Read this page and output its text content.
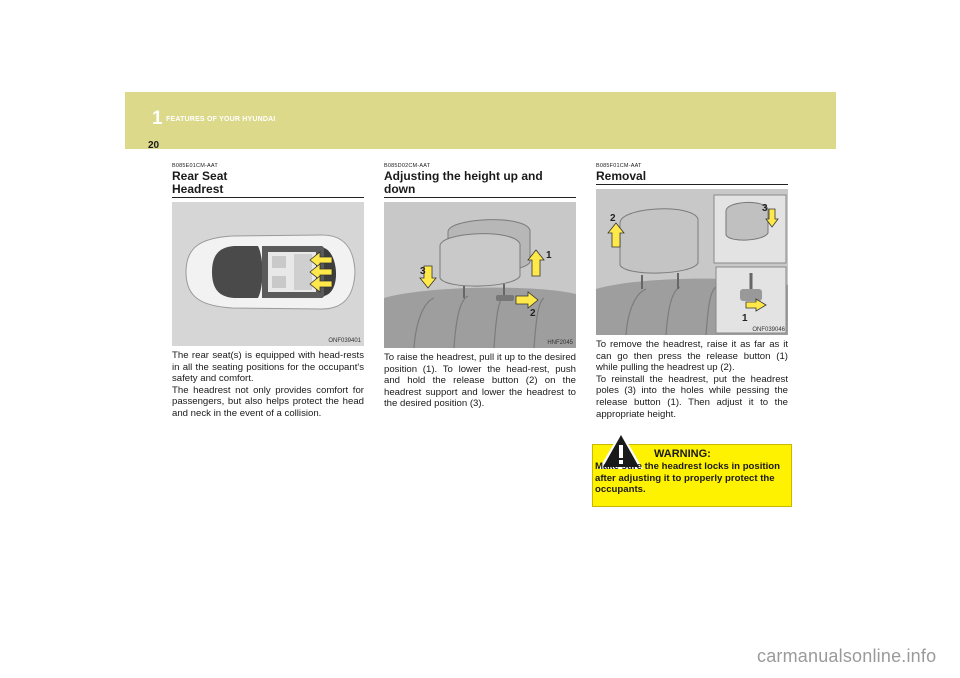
1 FEATURES OF YOUR HYUNDAI
20
B085E01CM-AAT
Rear Seat
Headrest
ONF039401
The rear seat(s) is equipped with head-rests in all the seating positions for the occupant's safety and comfort.
The headrest not only provides comfort for passengers, but also helps protect the head and neck in the event of a collision.
B085D02CM-AAT
Adjusting the height up and down
3
1
2
HNF2045
To raise the headrest, pull it up to the desired position (1). To lower the head-rest, push and hold the release button (2) on the headrest support and lower the headrest to the desired position (3).
B085F01CM-AAT
Removal
2
3
1
ONF039046
To remove the headrest, raise it as far as it can go then press the release button (1) while pulling the headrest up (2).
To reinstall the headrest, put the headrest poles (3) into the holes while pessing the release button (1). Then adjust it to the appropriate height.
WARNING:
Make sure the headrest locks in position after adjusting it to properly protect the occupants.
carmanualsonline.info
